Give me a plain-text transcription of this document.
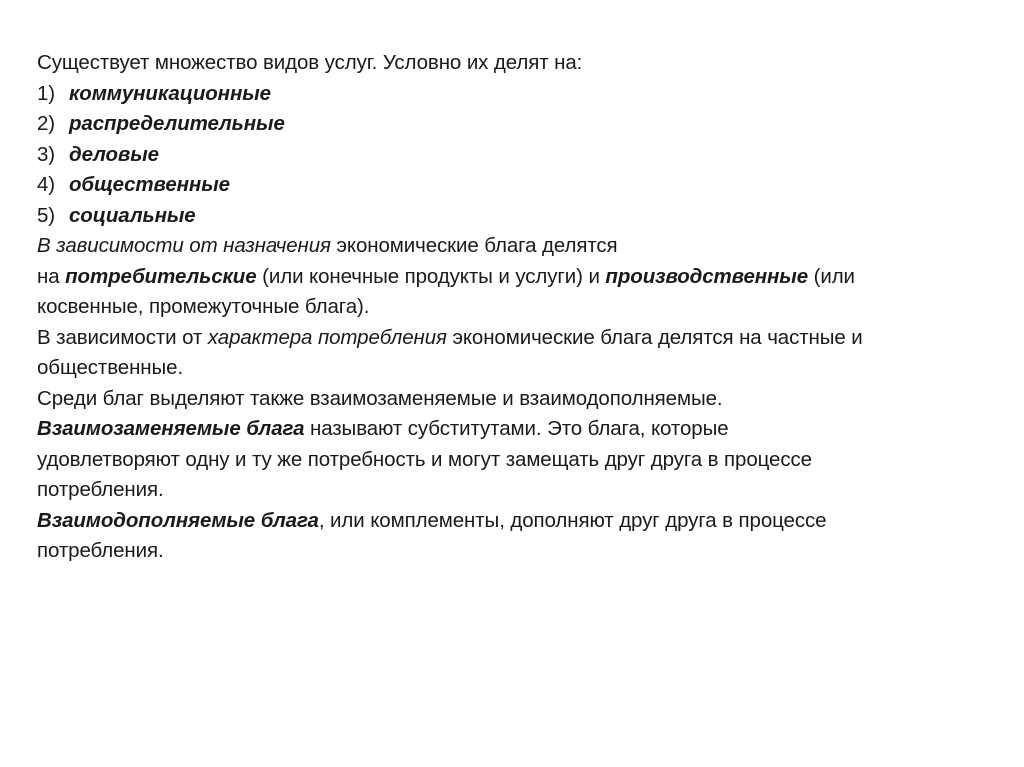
Существует множество видов услуг. Условно их делят на:
1) коммуникационные
2) распределительные
3) деловые
4) общественные
5) социальные
В зависимости от назначения экономические блага делятся
на потребительские (или конечные продукты и услуги) и производственные (или
косвенные, промежуточные блага).
В зависимости от характера потребления экономические блага делятся на частные и
общественные.
Среди благ выделяют также взаимозаменяемые и взаимодополняемые.
Взаимозаменяемые блага называют субститутами. Это блага, которые
удовлетворяют одну и ту же потребность и могут замещать друг друга в процессе
потребления.
Взаимодополняемые блага, или комплементы, дополняют друг друга в процессе
потребления.
